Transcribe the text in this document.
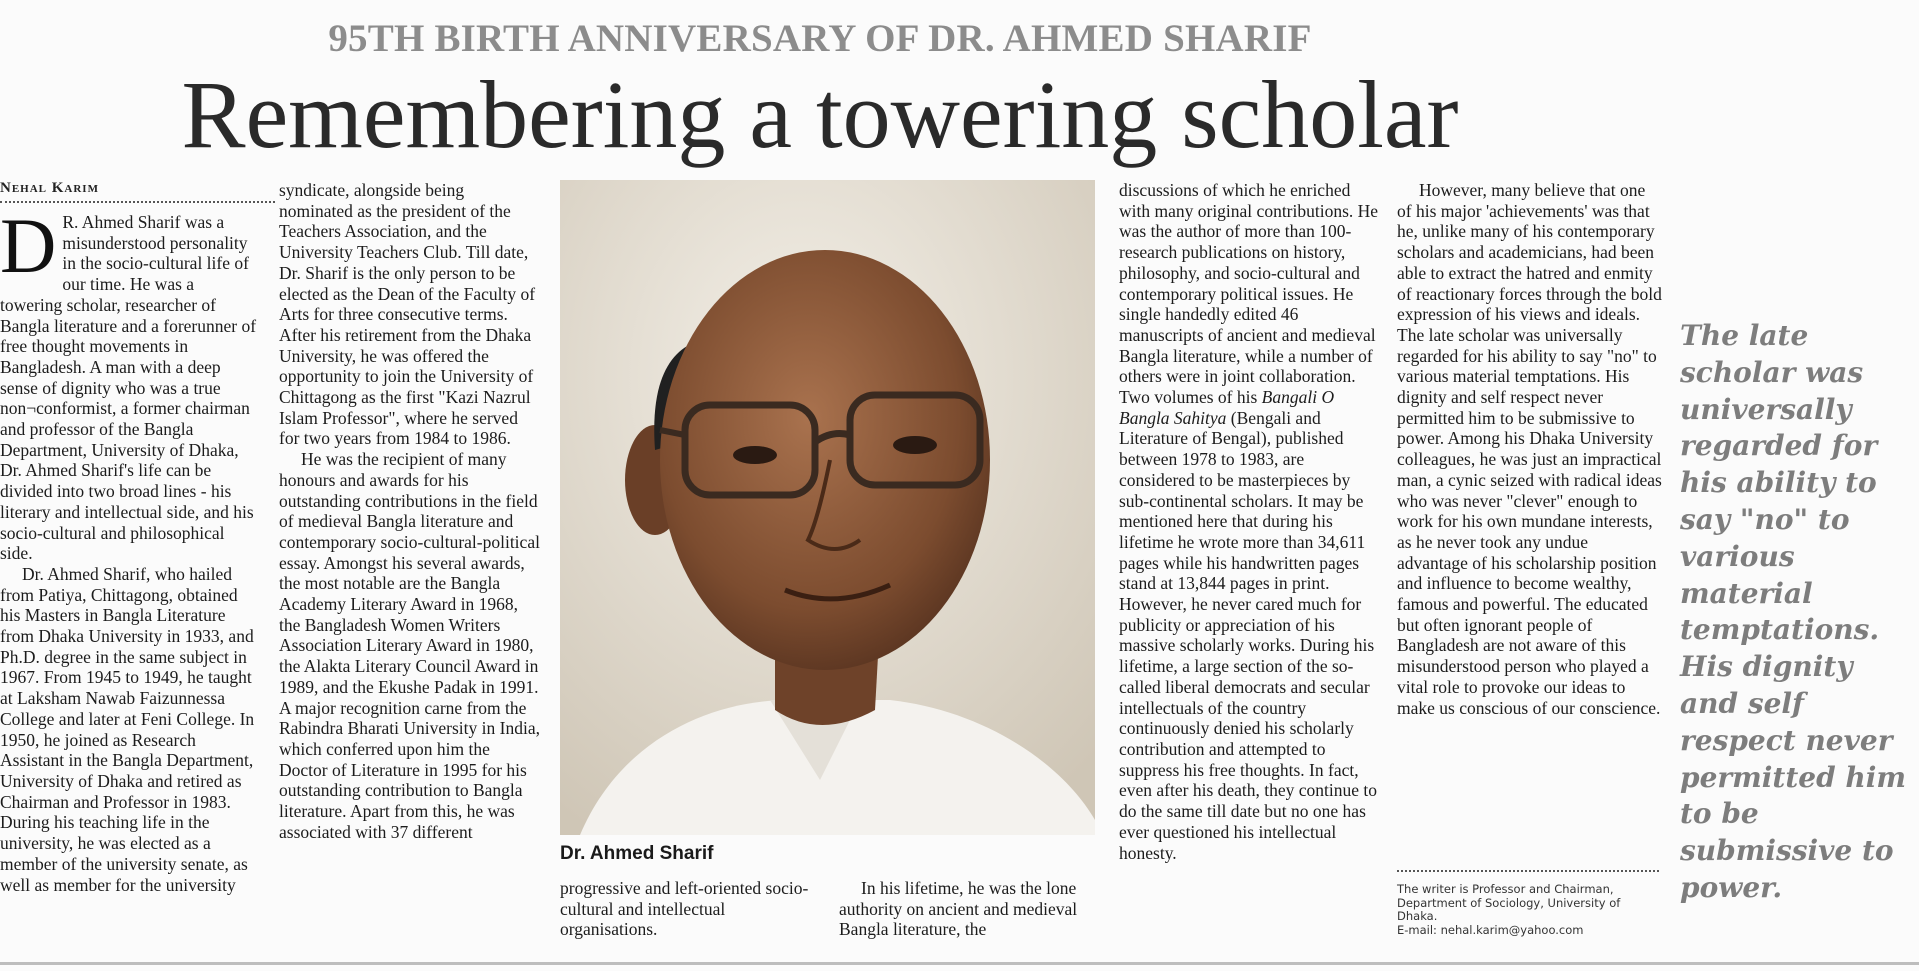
95TH BIRTH ANNIVERSARY OF DR. AHMED SHARIF
Remembering a towering scholar
Nehal Karim

D R. Ahmed Sharif was a misunderstood personality in the socio-cultural life of our time. He was a towering scholar, researcher of Bangla literature and a forerunner of free thought movements in Bangladesh. A man with a deep sense of dignity who was a true non¬conformist, a former chairman and professor of the Bangla Department, University of Dhaka, Dr. Ahmed Sharif's life can be divided into two broad lines - his literary and intellectual side, and his socio-cultural and philosophical side.

Dr. Ahmed Sharif, who hailed from Patiya, Chittagong, obtained his Masters in Bangla Literature from Dhaka University in 1933, and Ph.D. degree in the same subject in 1967. From 1945 to 1949, he taught at Laksham Nawab Faizunnessa College and later at Feni College. In 1950, he joined as Research Assistant in the Bangla Department, University of Dhaka and retired as Chairman and Professor in 1983. During his teaching life in the university, he was elected as a member of the university senate, as well as member for the university

syndicate, alongside being nominated as the president of the Teachers Association, and the University Teachers Club. Till date, Dr. Sharif is the only person to be elected as the Dean of the Faculty of Arts for three consecutive terms. After his retirement from the Dhaka University, he was offered the opportunity to join the University of Chittagong as the first "Kazi Nazrul Islam Professor", where he served for two years from 1984 to 1986.

He was the recipient of many honours and awards for his outstanding contributions in the field of medieval Bangla literature and contemporary socio-cultural-political essay. Amongst his several awards, the most notable are the Bangla Academy Literary Award in 1968, the Bangladesh Women Writers Association Literary Award in 1980, the Alakta Literary Council Award in 1989, and the Ekushe Padak in 1991. A major recognition carne from the Rabindra Bharati University in India, which conferred upon him the Doctor of Literature in 1995 for his outstanding contribution to Bangla literature. Apart from this, he was associated with 37 different

Dr. Ahmed Sharif

progressive and left-oriented socio-cultural and intellectual organisations.

In his lifetime, he was the lone authority on ancient and medieval Bangla literature, the

discussions of which he enriched with many original contributions. He was the author of more than 100-research publications on history, philosophy, and socio-cultural and contemporary political issues. He single handedly edited 46 manuscripts of ancient and medieval Bangla literature, while a number of others were in joint collaboration. Two volumes of his Bangali O Bangla Sahitya (Bengali and Literature of Bengal), published between 1978 to 1983, are considered to be masterpieces by sub-continental scholars. It may be mentioned here that during his lifetime he wrote more than 34,611 pages while his handwritten pages stand at 13,844 pages in print. However, he never cared much for publicity or appreciation of his massive scholarly works. During his lifetime, a large section of the so-called liberal democrats and secular intellectuals of the country continuously denied his scholarly contribution and attempted to suppress his free thoughts. In fact, even after his death, they continue to do the same till date but no one has ever questioned his intellectual honesty.

However, many believe that one of his major 'achievements' was that he, unlike many of his contemporary scholars and academicians, had been able to extract the hatred and enmity of reactionary forces through the bold expression of his views and ideals. The late scholar was universally regarded for his ability to say "no" to various material temptations. His dignity and self respect never permitted him to be submissive to power. Among his Dhaka University colleagues, he was just an impractical man, a cynic seized with radical ideas who was never "clever" enough to work for his own mundane interests, as he never took any undue advantage of his scholarship position and influence to become wealthy, famous and powerful. The educated but often ignorant people of Bangladesh are not aware of this misunderstood person who played a vital role to provoke our ideas to make us conscious of our conscience.

The writer is Professor and Chairman, Department of Sociology, University of Dhaka.

E-mail: nehal.karim@yahoo.com

The late scholar was universally regarded for his ability to say "no" to various material temptations. His dignity and self respect never permitted him to be submissive to power.
